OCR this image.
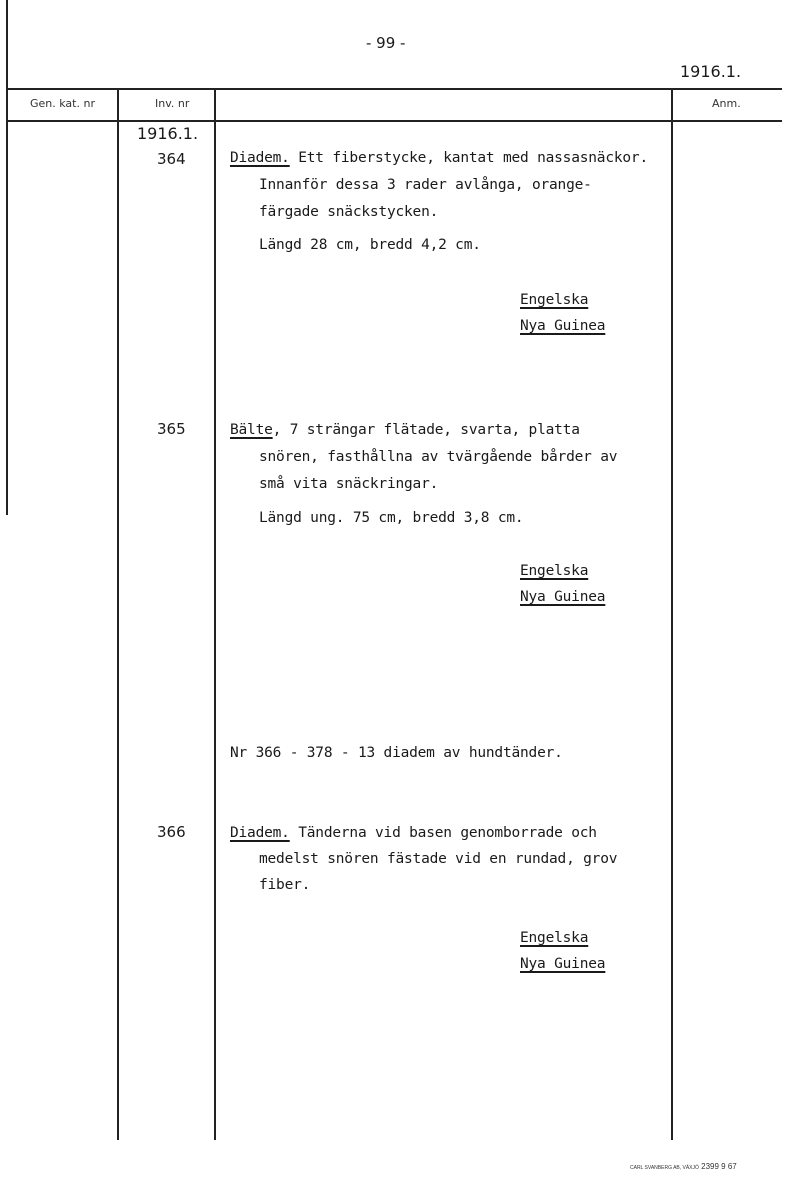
- 99 -
1916.1.
Gen. kat. nr	Inv. nr	Anm.
1916.1.
364	Diadem. Ett fiberstycke, kantat med nassasnäckor.
Innanför dessa 3 rader avlånga, orange-
färgade snäckstycken.
Längd 28 cm, bredd 4,2 cm.
Engelska
Nya Guinea
365	Bälte, 7 strängar flätade, svarta, platta
snören, fasthållna av tvärgående bårder av
små vita snäckringar.
Längd ung. 75 cm, bredd 3,8 cm.
Engelska
Nya Guinea
Nr 366 - 378 - 13 diadem av hundtänder.
366	Diadem. Tänderna vid basen genomborrade och
medelst snören fästade vid en rundad, grov
fiber.
Engelska
Nya Guinea
CARL SVANBERG AB, VÄXJÖ 2399 9 67
